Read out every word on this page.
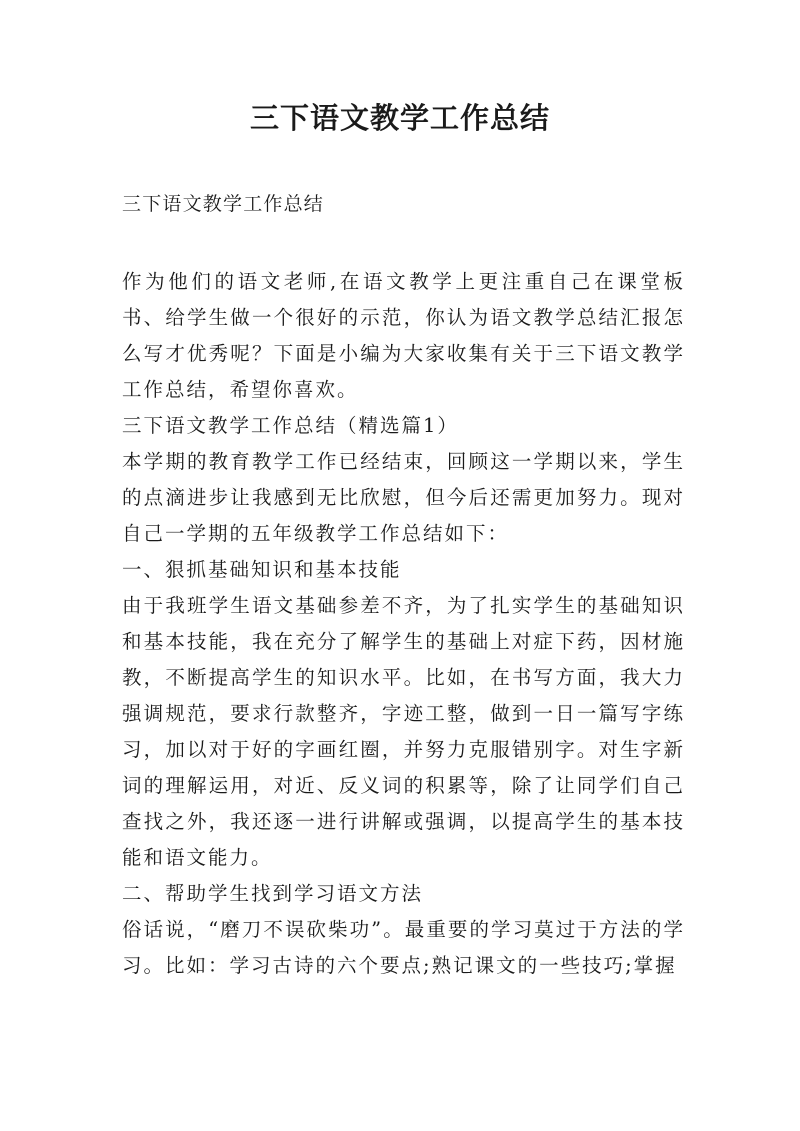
三下语文教学工作总结

三下语文教学工作总结

作为他们的语文老师,在语文教学上更注重自己在课堂板书、给学生做一个很好的示范，你认为语文教学总结汇报怎么写才优秀呢？下面是小编为大家收集有关于三下语文教学工作总结，希望你喜欢。

三下语文教学工作总结（精选篇1）

本学期的教育教学工作已经结束，回顾这一学期以来，学生的点滴进步让我感到无比欣慰，但今后还需更加努力。现对自己一学期的五年级教学工作总结如下：

一、狠抓基础知识和基本技能

由于我班学生语文基础参差不齐，为了扎实学生的基础知识和基本技能，我在充分了解学生的基础上对症下药，因材施教，不断提高学生的知识水平。比如，在书写方面，我大力强调规范，要求行款整齐，字迹工整，做到一日一篇写字练习，加以对于好的字画红圈，并努力克服错别字。对生字新词的理解运用，对近、反义词的积累等，除了让同学们自己查找之外，我还逐一进行讲解或强调，以提高学生的基本技能和语文能力。

二、帮助学生找到学习语文方法

俗话说，“磨刀不误砍柴功”。最重要的学习莫过于方法的学习。比如：学习古诗的六个要点;熟记课文的一些技巧;掌握
